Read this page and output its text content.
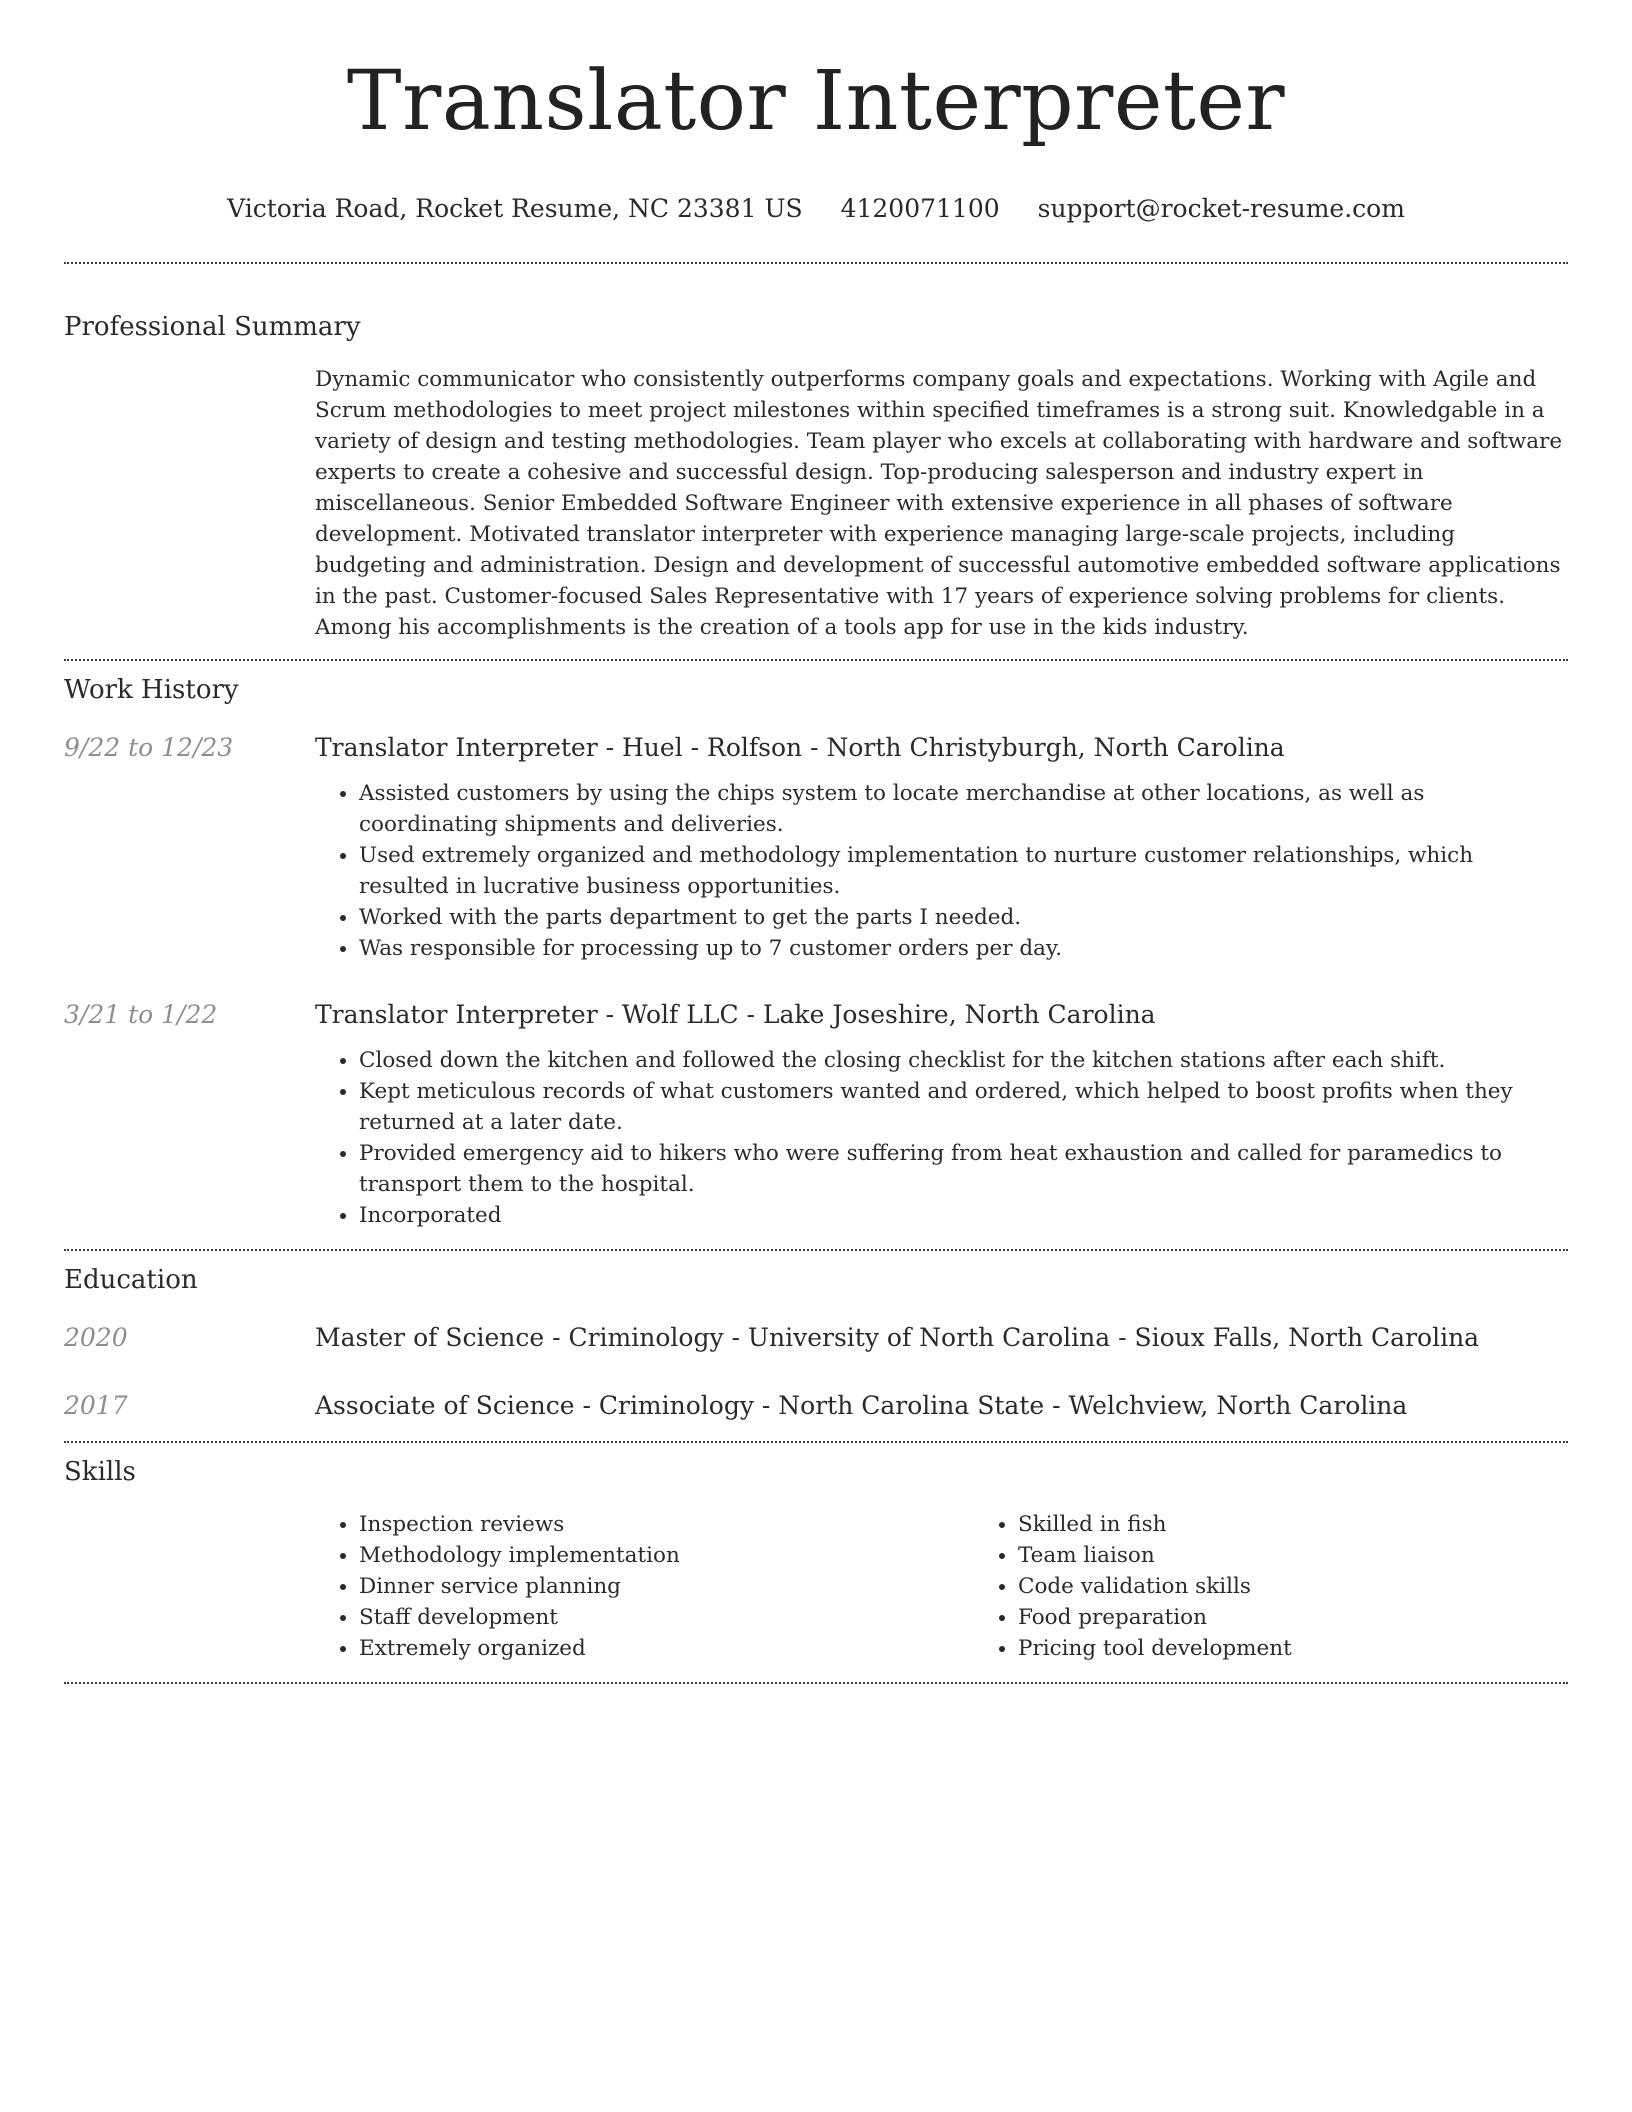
Translator Interpreter
Victoria Road, Rocket Resume, NC 23381 US 4120071100 support@rocket-resume.com
Professional Summary

Dynamic communicator who consistently outperforms company goals and expectations. Working with Agile and Scrum methodologies to meet project milestones within specified timeframes is a strong suit. Knowledgable in a variety of design and testing methodologies. Team player who excels at collaborating with hardware and software experts to create a cohesive and successful design. Top-producing salesperson and industry expert in miscellaneous. Senior Embedded Software Engineer with extensive experience in all phases of software development. Motivated translator interpreter with experience managing large-scale projects, including budgeting and administration. Design and development of successful automotive embedded software applications in the past. Customer-focused Sales Representative with 17 years of experience solving problems for clients. Among his accomplishments is the creation of a tools app for use in the kids industry.

Work History
9/22 to 12/23	Translator Interpreter - Huel - Rolfson - North Christyburgh, North Carolina
• Assisted customers by using the chips system to locate merchandise at other locations, as well as coordinating shipments and deliveries.
• Used extremely organized and methodology implementation to nurture customer relationships, which resulted in lucrative business opportunities.
• Worked with the parts department to get the parts I needed.
• Was responsible for processing up to 7 customer orders per day.
3/21 to 1/22	Translator Interpreter - Wolf LLC - Lake Joseshire, North Carolina
• Closed down the kitchen and followed the closing checklist for the kitchen stations after each shift.
• Kept meticulous records of what customers wanted and ordered, which helped to boost profits when they returned at a later date.
• Provided emergency aid to hikers who were suffering from heat exhaustion and called for paramedics to transport them to the hospital.
• Incorporated
Education
2020	Master of Science - Criminology - University of North Carolina - Sioux Falls, North Carolina
2017	Associate of Science - Criminology - North Carolina State - Welchview, North Carolina
Skills
• Inspection reviews
• Methodology implementation
• Dinner service planning
• Staff development
• Extremely organized
• Skilled in fish
• Team liaison
• Code validation skills
• Food preparation
• Pricing tool development
